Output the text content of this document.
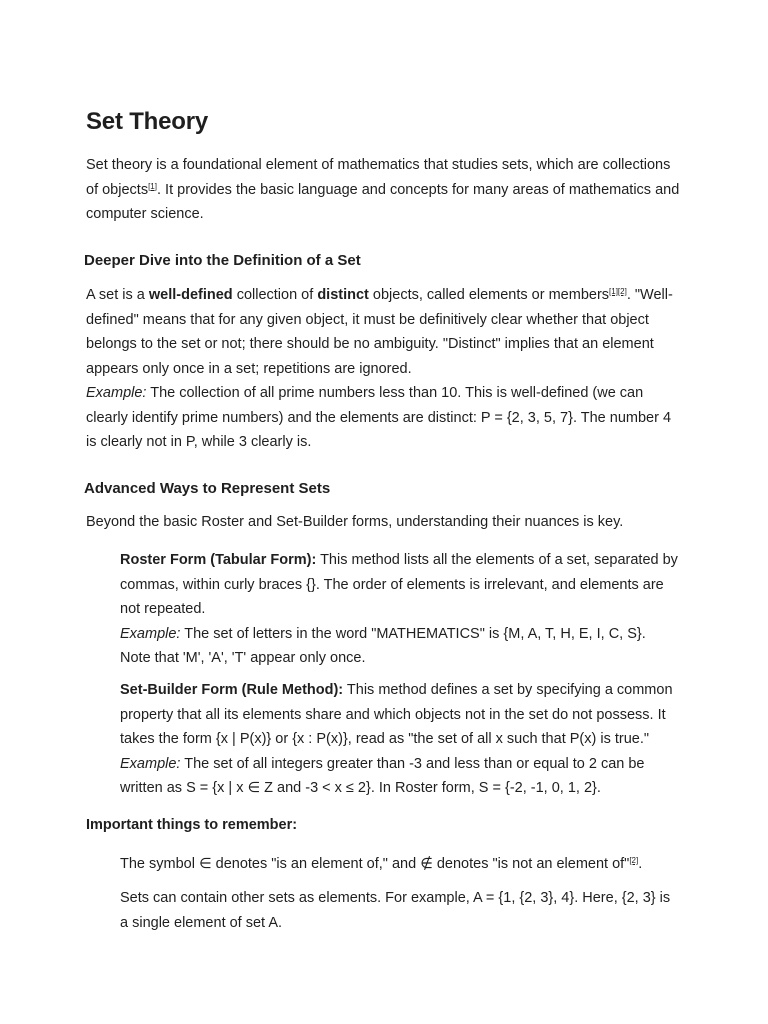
Set Theory

Set theory is a foundational element of mathematics that studies sets, which are collections of objects[1]. It provides the basic language and concepts for many areas of mathematics and computer science.

Deeper Dive into the Definition of a Set

A set is a well-defined collection of distinct objects, called elements or members[1][2]. "Well-defined" means that for any given object, it must be definitively clear whether that object belongs to the set or not; there should be no ambiguity. "Distinct" implies that an element appears only once in a set; repetitions are ignored.
Example: The collection of all prime numbers less than 10. This is well-defined (we can clearly identify prime numbers) and the elements are distinct: P = {2, 3, 5, 7}. The number 4 is clearly not in P, while 3 clearly is.

Advanced Ways to Represent Sets

Beyond the basic Roster and Set-Builder forms, understanding their nuances is key.

Roster Form (Tabular Form): This method lists all the elements of a set, separated by commas, within curly braces {}. The order of elements is irrelevant, and elements are not repeated.
Example: The set of letters in the word "MATHEMATICS" is {M, A, T, H, E, I, C, S}. Note that 'M', 'A', 'T' appear only once.

Set-Builder Form (Rule Method): This method defines a set by specifying a common property that all its elements share and which objects not in the set do not possess. It takes the form {x | P(x)} or {x : P(x)}, read as "the set of all x such that P(x) is true."
Example: The set of all integers greater than -3 and less than or equal to 2 can be written as S = {x | x ∈ Z and -3 < x ≤ 2}. In Roster form, S = {-2, -1, 0, 1, 2}.

Important things to remember:

The symbol ∈ denotes "is an element of," and ∉ denotes "is not an element of"[2].

Sets can contain other sets as elements. For example, A = {1, {2, 3}, 4}. Here, {2, 3} is a single element of set A.
